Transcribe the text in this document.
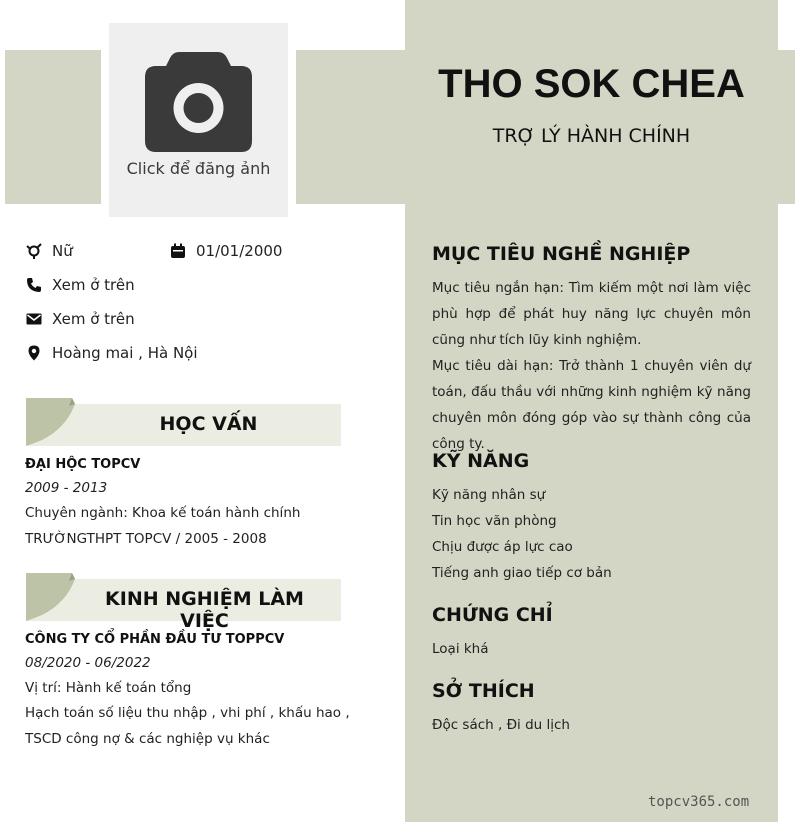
Click để đăng ảnh
THO SOK CHEA
TRỢ LÝ HÀNH CHÍNH
Nữ	01/01/2000
Xem ở trên
Xem ở trên
Hoàng mai , Hà Nội
HỌC VẤN
ĐẠI HỘC TOPCV
2009 - 2013
Chuyên ngành: Khoa kế toán hành chính
TRƯỜNGTHPT TOPCV / 2005 - 2008
KINH NGHIỆM LÀM VIỆC
CÔNG TY CỔ PHẦN ĐẦU TƯ TOPPCV
08/2020 - 06/2022
Vị trí: Hành kế toán tổng
Hạch toán số liệu thu nhập , vhi phí , khấu hao , TSCD công nợ & các nghiệp vụ khác
MỤC TIÊU NGHỀ NGHIỆP
Mục tiêu ngắn hạn: Tìm kiếm một nơi làm việc phù hợp để phát huy năng lực chuyên môn cũng như tích lũy kinh nghiệm.
Mục tiêu dài hạn: Trở thành 1 chuyên viên dự toán, đấu thầu với những kinh nghiệm kỹ năng chuyên môn đóng góp vào sự thành công của công ty.
KỸ NĂNG
Kỹ năng nhân sự
Tin học văn phòng
Chịu được áp lực cao
Tiếng anh giao tiếp cơ bản
CHỨNG CHỈ
Loại khá
SỞ THÍCH
Độc sách , Đi du lịch
topcv365.com
